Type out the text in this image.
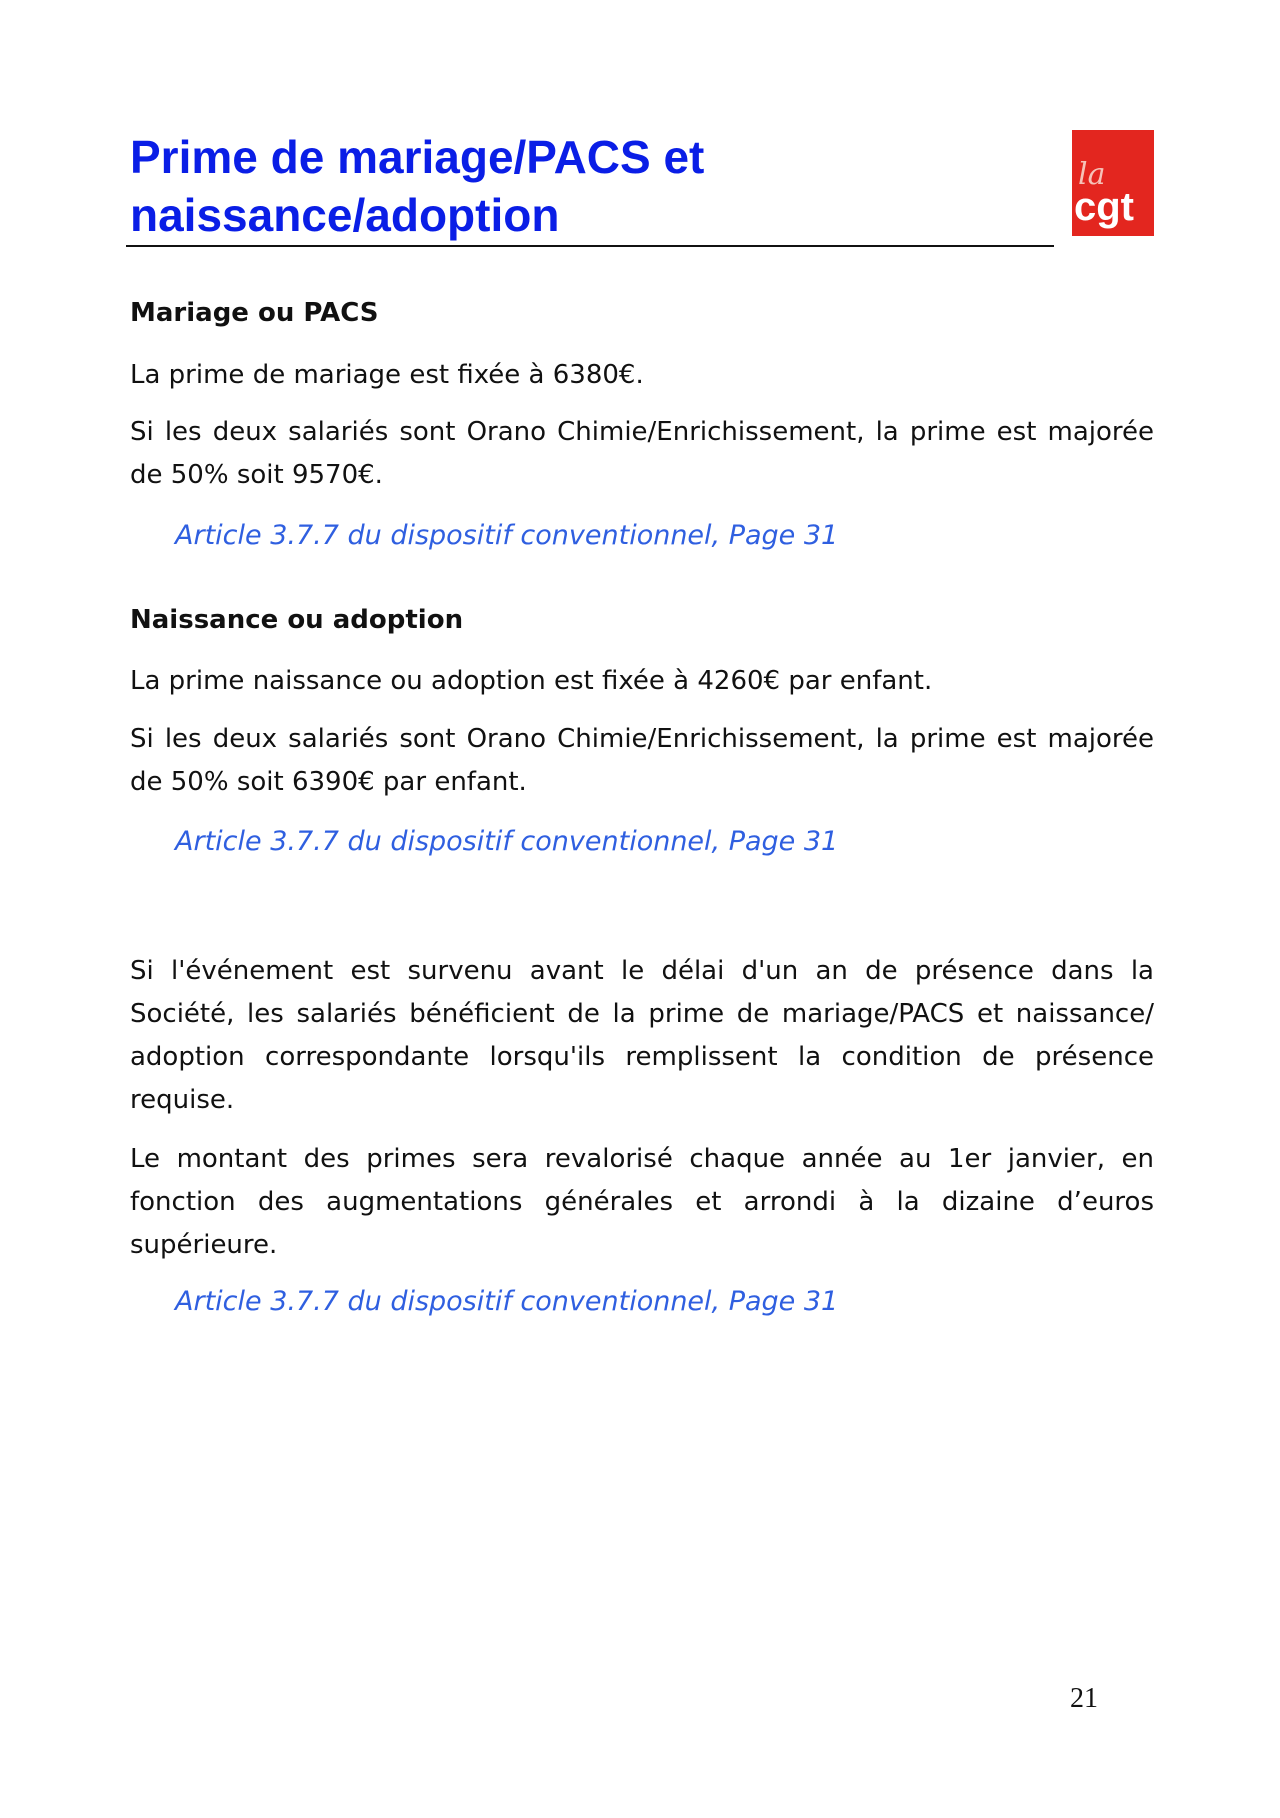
Prime de mariage/PACS et
naissance/adoption
la
cgt
Mariage ou PACS

La prime de mariage est fixée à 6380€.

Si les deux salariés sont Orano Chimie/Enrichissement, la prime est majorée de 50% soit 9570€.

Article 3.7.7 du dispositif conventionnel, Page 31

Naissance ou adoption

La prime naissance ou adoption est fixée à 4260€ par enfant.

Si les deux salariés sont Orano Chimie/Enrichissement, la prime est majorée de 50% soit 6390€ par enfant.

Article 3.7.7 du dispositif conventionnel, Page 31

Si l'événement est survenu avant le délai d'un an de présence dans la Société, les salariés bénéficient de la prime de mariage/PACS et naissance/ adoption correspondante lorsqu'ils remplissent la condition de présence requise.

Le montant des primes sera revalorisé chaque année au 1er janvier, en fonction des augmentations générales et arrondi à la dizaine d’euros supérieure.

Article 3.7.7 du dispositif conventionnel, Page 31

21
